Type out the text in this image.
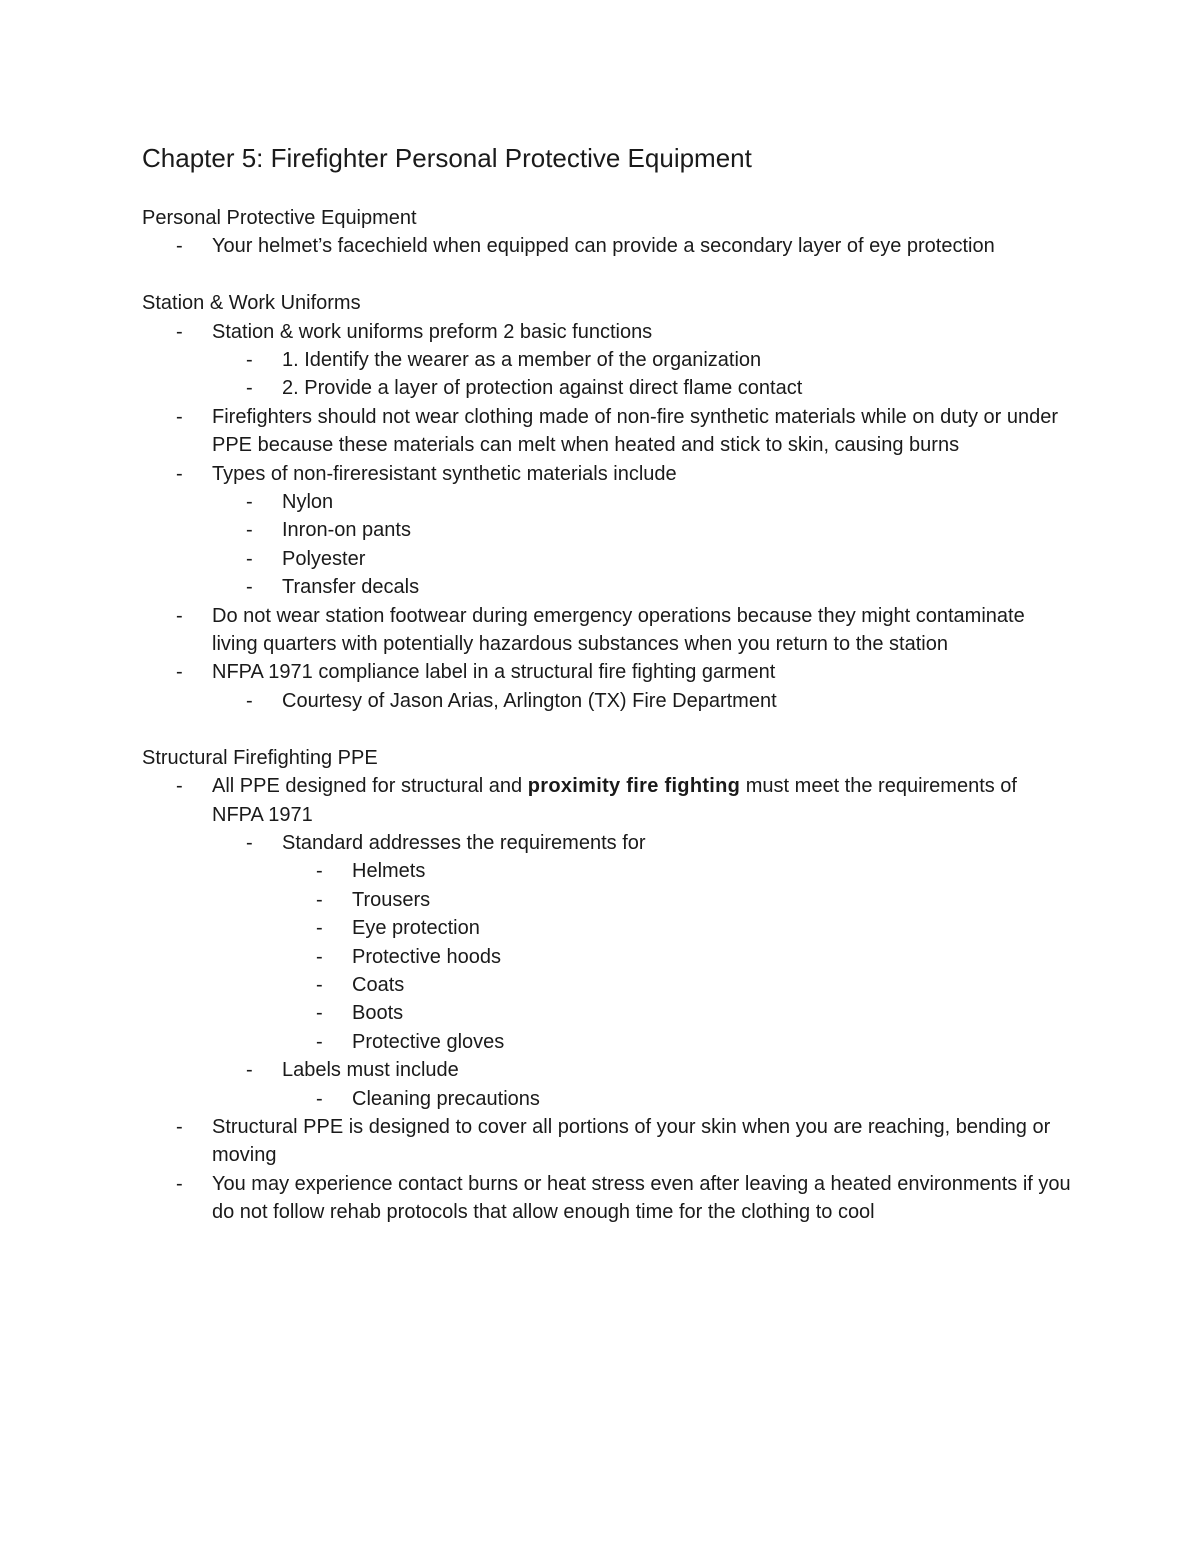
Chapter 5: Firefighter Personal Protective Equipment
Personal Protective Equipment
- Your helmet’s facechield when equipped can provide a secondary layer of eye protection
Station & Work Uniforms
- Station & work uniforms preform 2 basic functions
- 1. Identify the wearer as a member of the organization
- 2. Provide a layer of protection against direct flame contact
- Firefighters should not wear clothing made of non-fire synthetic materials while on duty or under PPE because these materials can melt when heated and stick to skin, causing burns
- Types of non-fireresistant synthetic materials include
- Nylon
- Inron-on pants
- Polyester
- Transfer decals
- Do not wear station footwear during emergency operations because they might contaminate living quarters with potentially hazardous substances when you return to the station
- NFPA 1971 compliance label in a structural fire fighting garment
- Courtesy of Jason Arias, Arlington (TX) Fire Department
Structural Firefighting PPE
- All PPE designed for structural and proximity fire fighting must meet the requirements of NFPA 1971
- Standard addresses the requirements for
- Helmets
- Trousers
- Eye protection
- Protective hoods
- Coats
- Boots
- Protective gloves
- Labels must include
- Cleaning precautions
- Structural PPE is designed to cover all portions of your skin when you are reaching, bending or moving
- You may experience contact burns or heat stress even after leaving a heated environments if you do not follow rehab protocols that allow enough time for the clothing to cool
